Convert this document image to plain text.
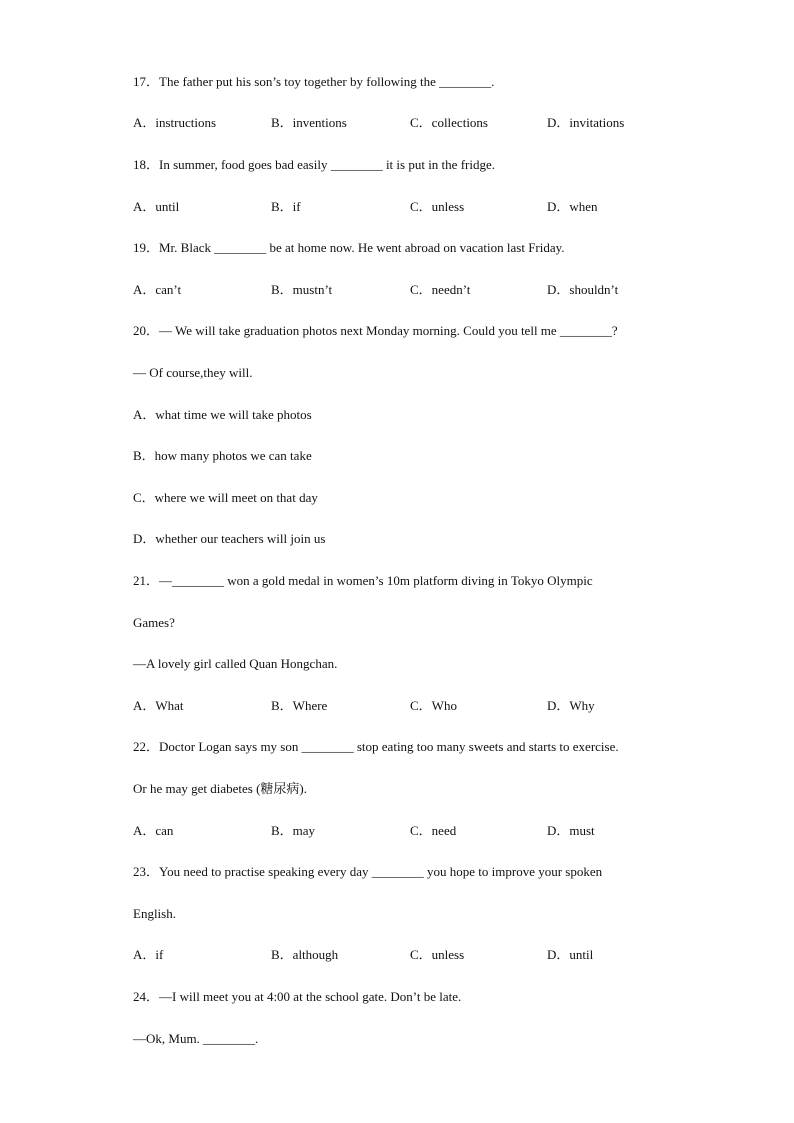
17．The father put his son’s toy together by following the ________.
A．instructions	B．inventions	C．collections	D．invitations
18．In summer, food goes bad easily ________ it is put in the fridge.
A．until	B．if	C．unless	D．when
19．Mr. Black ________ be at home now. He went abroad on vacation last Friday.
A．can’t	B．mustn’t	C．needn’t	D．shouldn’t
20．— We will take graduation photos next Monday morning. Could you tell me ________?
— Of course,they will.
A．what time we will take photos
B．how many photos we can take
C．where we will meet on that day
D．whether our teachers will join us
21．—________ won a gold medal in women’s 10m platform diving in Tokyo Olympic
Games?
—A lovely girl called Quan Hongchan.
A．What	B．Where	C．Who	D．Why
22．Doctor Logan says my son ________ stop eating too many sweets and starts to exercise.
Or he may get diabetes (糖尿病).
A．can	B．may	C．need	D．must
23．You need to practise speaking every day ________ you hope to improve your spoken
English.
A．if	B．although	C．unless	D．until
24．—I will meet you at 4:00 at the school gate. Don’t be late.
—Ok, Mum. ________.
